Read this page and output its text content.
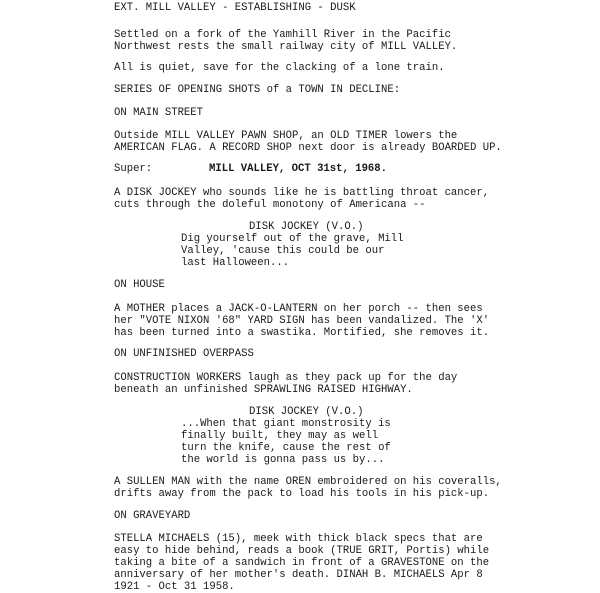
EXT. MILL VALLEY - ESTABLISHING - DUSK
Settled on a fork of the Yamhill River in the Pacific
Northwest rests the small railway city of MILL VALLEY.
All is quiet, save for the clacking of a lone train.
SERIES OF OPENING SHOTS of a TOWN IN DECLINE:
ON MAIN STREET
Outside MILL VALLEY PAWN SHOP, an OLD TIMER lowers the
AMERICAN FLAG. A RECORD SHOP next door is already BOARDED UP.
Super:	MILL VALLEY, OCT 31st, 1968.
A DISK JOCKEY who sounds like he is battling throat cancer,
cuts through the doleful monotony of Americana --
DISK JOCKEY (V.O.)
Dig yourself out of the grave, Mill
Valley, 'cause this could be our
last Halloween...
ON HOUSE
A MOTHER places a JACK-O-LANTERN on her porch -- then sees
her "VOTE NIXON '68" YARD SIGN has been vandalized. The 'X'
has been turned into a swastika. Mortified, she removes it.
ON UNFINISHED OVERPASS
CONSTRUCTION WORKERS laugh as they pack up for the day
beneath an unfinished SPRAWLING RAISED HIGHWAY.
DISK JOCKEY (V.O.)
...When that giant monstrosity is
finally built, they may as well
turn the knife, cause the rest of
the world is gonna pass us by...
A SULLEN MAN with the name OREN embroidered on his coveralls,
drifts away from the pack to load his tools in his pick-up.
ON GRAVEYARD
STELLA MICHAELS (15), meek with thick black specs that are
easy to hide behind, reads a book (TRUE GRIT, Portis) while
taking a bite of a sandwich in front of a GRAVESTONE on the
anniversary of her mother's death. DINAH B. MICHAELS Apr 8
1921 - Oct 31 1958.
